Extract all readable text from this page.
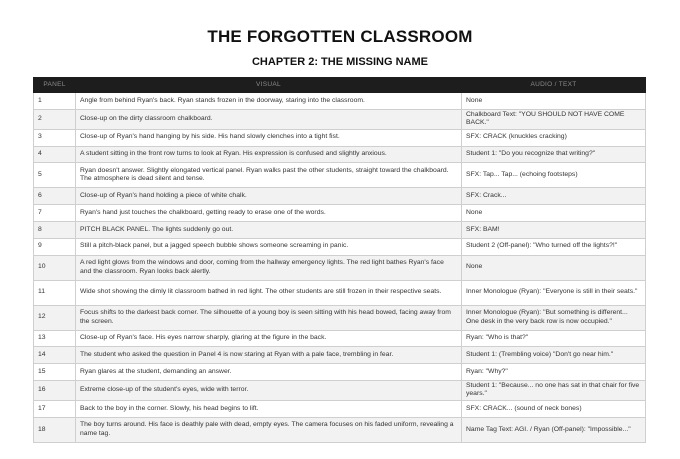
THE FORGOTTEN CLASSROOM
CHAPTER 2: THE MISSING NAME
PANEL	VISUAL	AUDIO / TEXT
1	Angle from behind Ryan's back. Ryan stands frozen in the doorway, staring into the classroom.	None
2	Close-up on the dirty classroom chalkboard.	Chalkboard Text: "YOU SHOULD NOT HAVE COME BACK."
3	Close-up of Ryan's hand hanging by his side. His hand slowly clenches into a tight fist.	SFX: CRACK (knuckles cracking)
4	A student sitting in the front row turns to look at Ryan. His expression is confused and slightly anxious.	Student 1: "Do you recognize that writing?"
5	Ryan doesn't answer. Slightly elongated vertical panel. Ryan walks past the other students, straight toward the chalkboard. The atmosphere is dead silent and tense.	SFX: Tap... Tap... (echoing footsteps)
6	Close-up of Ryan's hand holding a piece of white chalk.	SFX: Crack...
7	Ryan's hand just touches the chalkboard, getting ready to erase one of the words.	None
8	PITCH BLACK PANEL. The lights suddenly go out.	SFX: BAM!
9	Still a pitch-black panel, but a jagged speech bubble shows someone screaming in panic.	Student 2 (Off-panel): "Who turned off the lights?!"
10	A red light glows from the windows and door, coming from the hallway emergency lights. The red light bathes Ryan's face and the classroom. Ryan looks back alertly.	None
11	Wide shot showing the dimly lit classroom bathed in red light. The other students are still frozen in their respective seats.	Inner Monologue (Ryan): "Everyone is still in their seats."
12	Focus shifts to the darkest back corner. The silhouette of a young boy is seen sitting with his head bowed, facing away from the screen.	Inner Monologue (Ryan): "But something is different... One desk in the very back row is now occupied."
13	Close-up of Ryan's face. His eyes narrow sharply, glaring at the figure in the back.	Ryan: "Who is that?"
14	The student who asked the question in Panel 4 is now staring at Ryan with a pale face, trembling in fear.	Student 1: (Trembling voice) "Don't go near him."
15	Ryan glares at the student, demanding an answer.	Ryan: "Why?"
16	Extreme close-up of the student's eyes, wide with terror.	Student 1: "Because... no one has sat in that chair for five years."
17	Back to the boy in the corner. Slowly, his head begins to lift.	SFX: CRACK... (sound of neck bones)
18	The boy turns around. His face is deathly pale with dead, empty eyes. The camera focuses on his faded uniform, revealing a name tag.	Name Tag Text: AGI. / Ryan (Off-panel): "Impossible..."
